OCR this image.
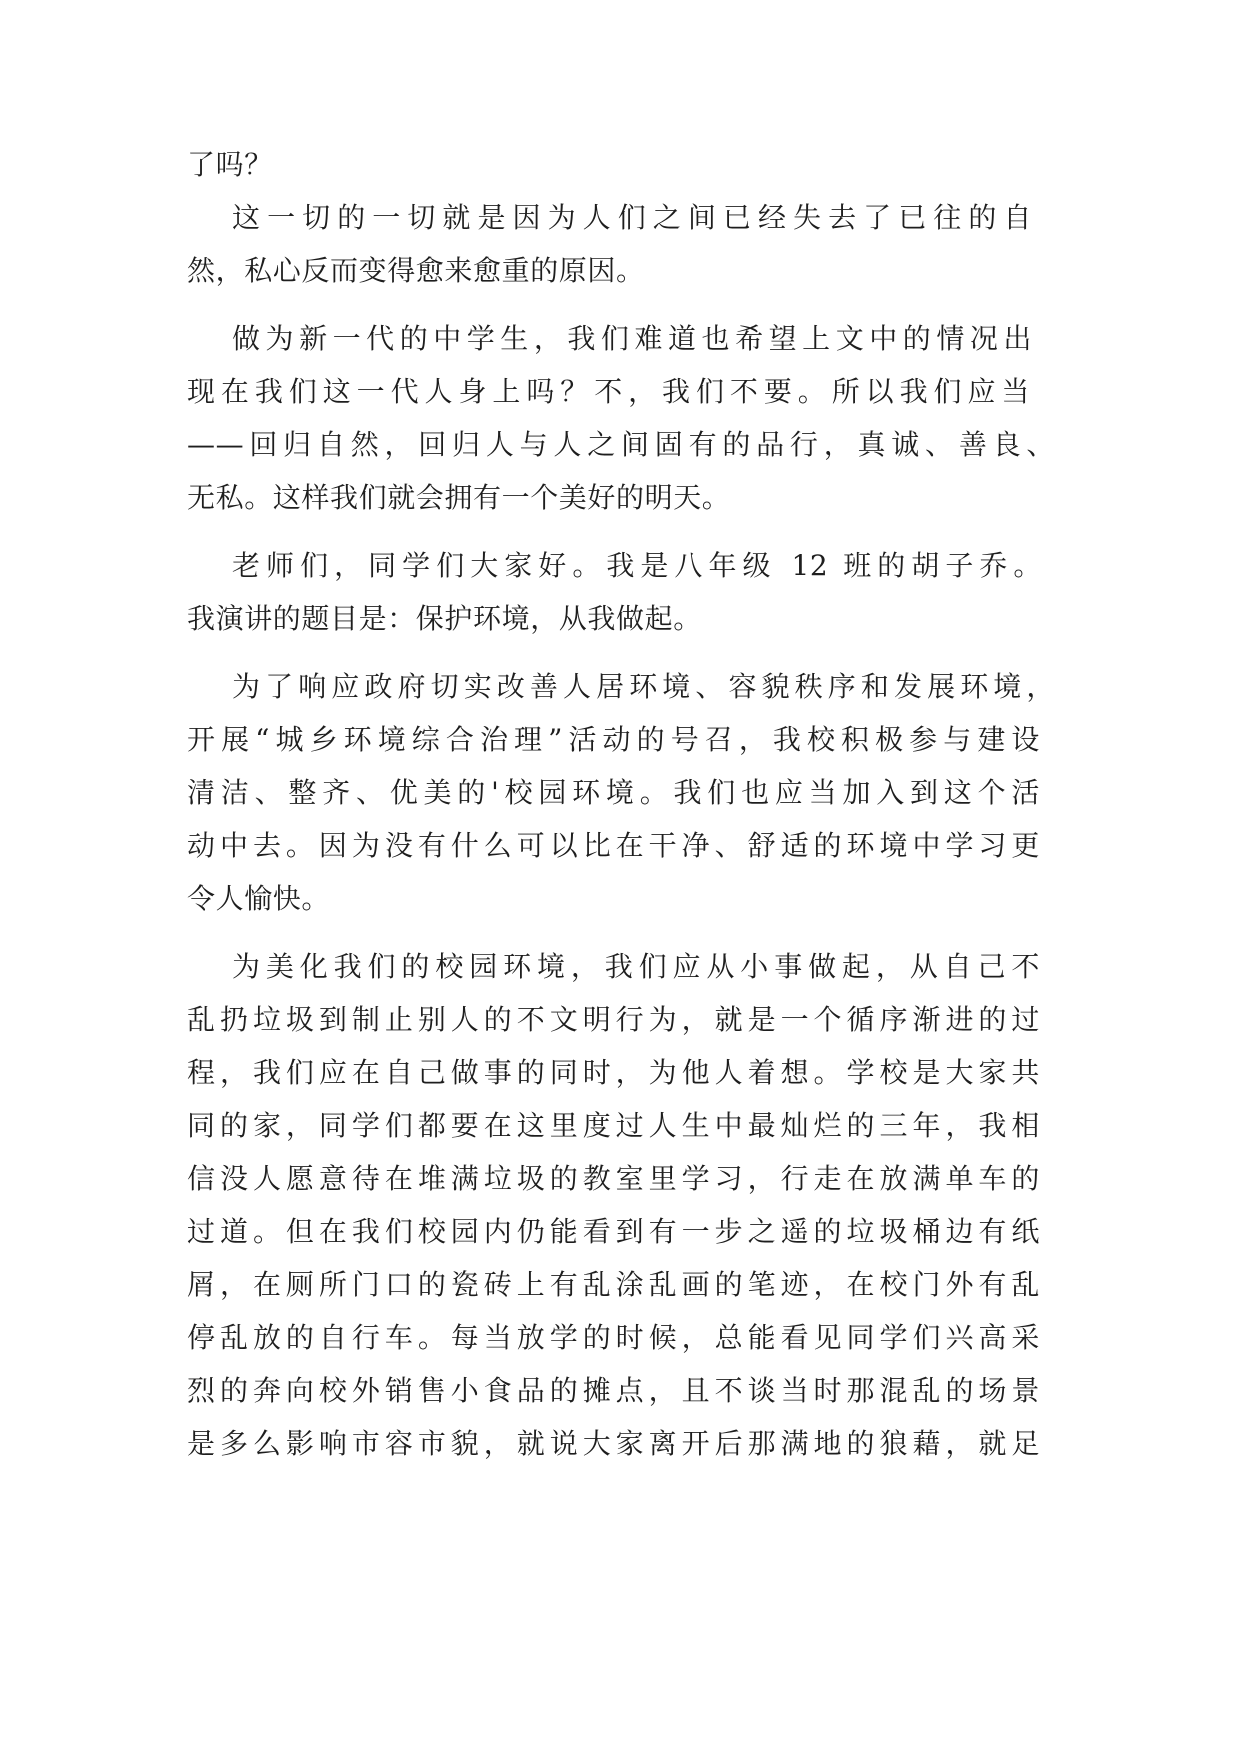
了吗？
这一切的一切就是因为人们之间已经失去了已往的自
然，私心反而变得愈来愈重的原因。
做为新一代的中学生，我们难道也希望上文中的情况出
现在我们这一代人身上吗？不，我们不要。所以我们应当
——回归自然，回归人与人之间固有的品行，真诚、善良、
无私。这样我们就会拥有一个美好的明天。
老师们，同学们大家好。我是八年级 12 班的胡子乔。
我演讲的题目是：保护环境，从我做起。
为了响应政府切实改善人居环境、容貌秩序和发展环境，
开展“城乡环境综合治理”活动的号召，我校积极参与建设
清洁、整齐、优美的'校园环境。我们也应当加入到这个活
动中去。因为没有什么可以比在干净、舒适的环境中学习更
令人愉快。
为美化我们的校园环境，我们应从小事做起，从自己不
乱扔垃圾到制止别人的不文明行为，就是一个循序渐进的过
程，我们应在自己做事的同时，为他人着想。学校是大家共
同的家，同学们都要在这里度过人生中最灿烂的三年，我相
信没人愿意待在堆满垃圾的教室里学习，行走在放满单车的
过道。但在我们校园内仍能看到有一步之遥的垃圾桶边有纸
屑，在厕所门口的瓷砖上有乱涂乱画的笔迹，在校门外有乱
停乱放的自行车。每当放学的时候，总能看见同学们兴高采
烈的奔向校外销售小食品的摊点，且不谈当时那混乱的场景
是多么影响市容市貌，就说大家离开后那满地的狼藉，就足
